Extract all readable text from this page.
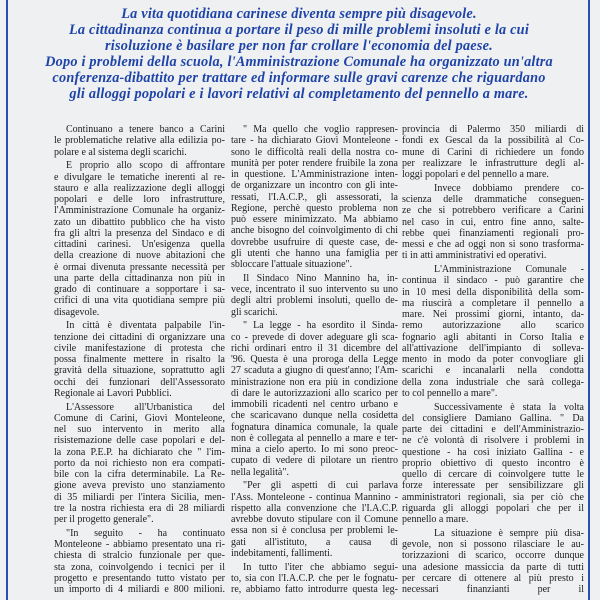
La vita quotidiana carinese diventa sempre più disagevole.
La cittadinanza continua a portare il peso di mille problemi insoluti e la cui
risoluzione è basilare per non far crollare l'economia del paese.
Dopo i problemi della scuola, l'Amministrazione Comunale ha organizzato un'altra
conferenza-dibattito per trattare ed informare sulle gravi carenze che riguardano
gli alloggi popolari e i lavori relativi al completamento del pennello a mare.
Continuano a tenere banco a Carini
le problematiche relative alla edilizia po-
polare e al sistema degli scarichi.
E proprio allo scopo di affrontare
e divulgare le tematiche inerenti al re-
stauro e alla realizzazione degli alloggi
popolari e delle loro infrastrutture,
l'Amministrazione Comunale ha organiz-
zato un dibattito pubblico che ha visto
fra gli altri la presenza del Sindaco e di
cittadini carinesi. Un'esigenza quella
della creazione di nuove abitazioni che
è ormai divenuta pressante necessità per
una parte della cittadinanza non più in
grado di continuare a sopportare i sa-
crifici di una vita quotidiana sempre più
disagevole.
In città è diventata palpabile l'in-
tenzione dei cittadini di organizzare una
civile manifestazione di protesta che
possa finalmente mettere in risalto la
gravità della situazione, soprattutto agli
occhi dei funzionari dell'Assessorato
Regionale ai Lavori Pubblici.
L'Assessore all'Urbanistica del
Comune di Carini, Giovì Monteleone,
nel suo intervento in merito alla
risistemazione delle case popolari e del-
la zona P.E.P. ha dichiarato che " l'im-
porto da noi richiesto non era compati-
bile con la cifra determinabile. La Re-
gione aveva previsto uno stanziamento
di 35 miliardi per l'intera Sicilia, men-
tre la nostra richiesta era di 28 miliardi
per il progetto generale".
"In seguito - ha continuato
Monteleone - abbiamo presentato una ri-
chiesta di stralcio funzionale per que-
sta zona, coinvolgendo i tecnici per il
progetto e presentando tutto vistato per
un importo di 4 miliardi e 800 milioni.
" Ma quello che voglio rappresen-
tare - ha dichiarato Giovì Monteleone -
sono le difficoltà reali della nostra co-
munità per poter rendere fruibile la zona
in questione. L'Amministrazione inten-
de organizzare un incontro con gli inte-
ressati, l'I.A.C.P., gli assessorati, la
Regione, perchè questo problema non
può essere minimizzato. Ma abbiamo
anche bisogno del coinvolgimento di chi
dovrebbe usufruire di queste case, de-
gli utenti che hanno una famiglia per
sbloccare l'attuale situazione".
Il Sindaco Nino Mannino ha, in-
vece, incentrato il suo intervento su uno
degli altri problemi insoluti, quello de-
gli scarichi.
" La legge - ha esordito il Sinda-
co - prevede di dover adeguare gli sca-
richi ordinari entro il 31 dicembre del
'96. Questa è una proroga della Legge
27 scaduta a giugno di quest'anno; l'Am-
ministrazione non era più in condizione
di dare le autorizzazioni allo scarico per
immobili ricadenti nel centro urbano e
che scaricavano dunque nella cosidetta
fognatura dinamica comunale, la quale
non è collegata al pennello a mare e ter-
mina a cielo aperto. Io mi sono preoc-
cupato di vedere di pilotare un rientro
nella legalità".
"Per gli aspetti di cui parlava
l'Ass. Monteleone - continua Mannino -
rispetto alla convenzione che l'I.A.C.P.
avrebbe dovuto stipulare con il Comune
essa non si è conclusa per problemi le-
gati all'istituto, a causa di
indebitamenti, fallimenti.
In tutto l'iter che abbiamo segui-
to, sia con l'I.A.C.P. che per le fognatu-
re, abbiamo fatto introdurre questa leg-
provincia di Palermo 350 miliardi di
fondi ex Gescal da la possibilità al Co-
mune di Carini di richiedere un fondo
per realizzare le infrastrutture degli al-
loggi popolari e del pennello a mare.
Invece dobbiamo prendere co-
scienza delle drammatiche conseguen-
ze che si potrebbero verificare a Carini
nel caso in cui, entro fine anno, salte-
rebbe quei finanziamenti regionali pro-
messi e che ad oggi non si sono trasforma-
ti in atti amministrativi ed operativi.
L'Amministrazione Comunale -
continua il sindaco - può garantire che
in 10 mesi della disponibilità della som-
ma riuscirà a completare il pennello a
mare. Nei prossimi giorni, intanto, da-
remo autorizzazione allo scarico
fognario agli abitanti in Corso Italia e
all'attivazione dell'impianto di solleva-
mento in modo da poter convogliare gli
scarichi e incanalarli nella condotta
della zona industriale che sarà collega-
to col pennello a mare".
Successivamente è stata la volta
del consigliere Damiano Gallina. " Da
parte dei cittadini e dell'Amministrazio-
ne c'è volontà di risolvere i problemi in
questione - ha così iniziato Gallina - e
proprio obiettivo di questo incontro è
quello di cercare di coinvolgere tutte le
forze interessate per sensibilizzare gli
amministratori regionali, sia per ciò che
riguarda gli alloggi popolari che per il
pennello a mare.
La situazione è sempre più disa-
gevole, non si possono rilasciare le au-
torizzazioni di scarico, occorre dunque
una adesione massiccia da parte di tutti
per cercare di ottenere al più presto i
necessari finanzianti per il
